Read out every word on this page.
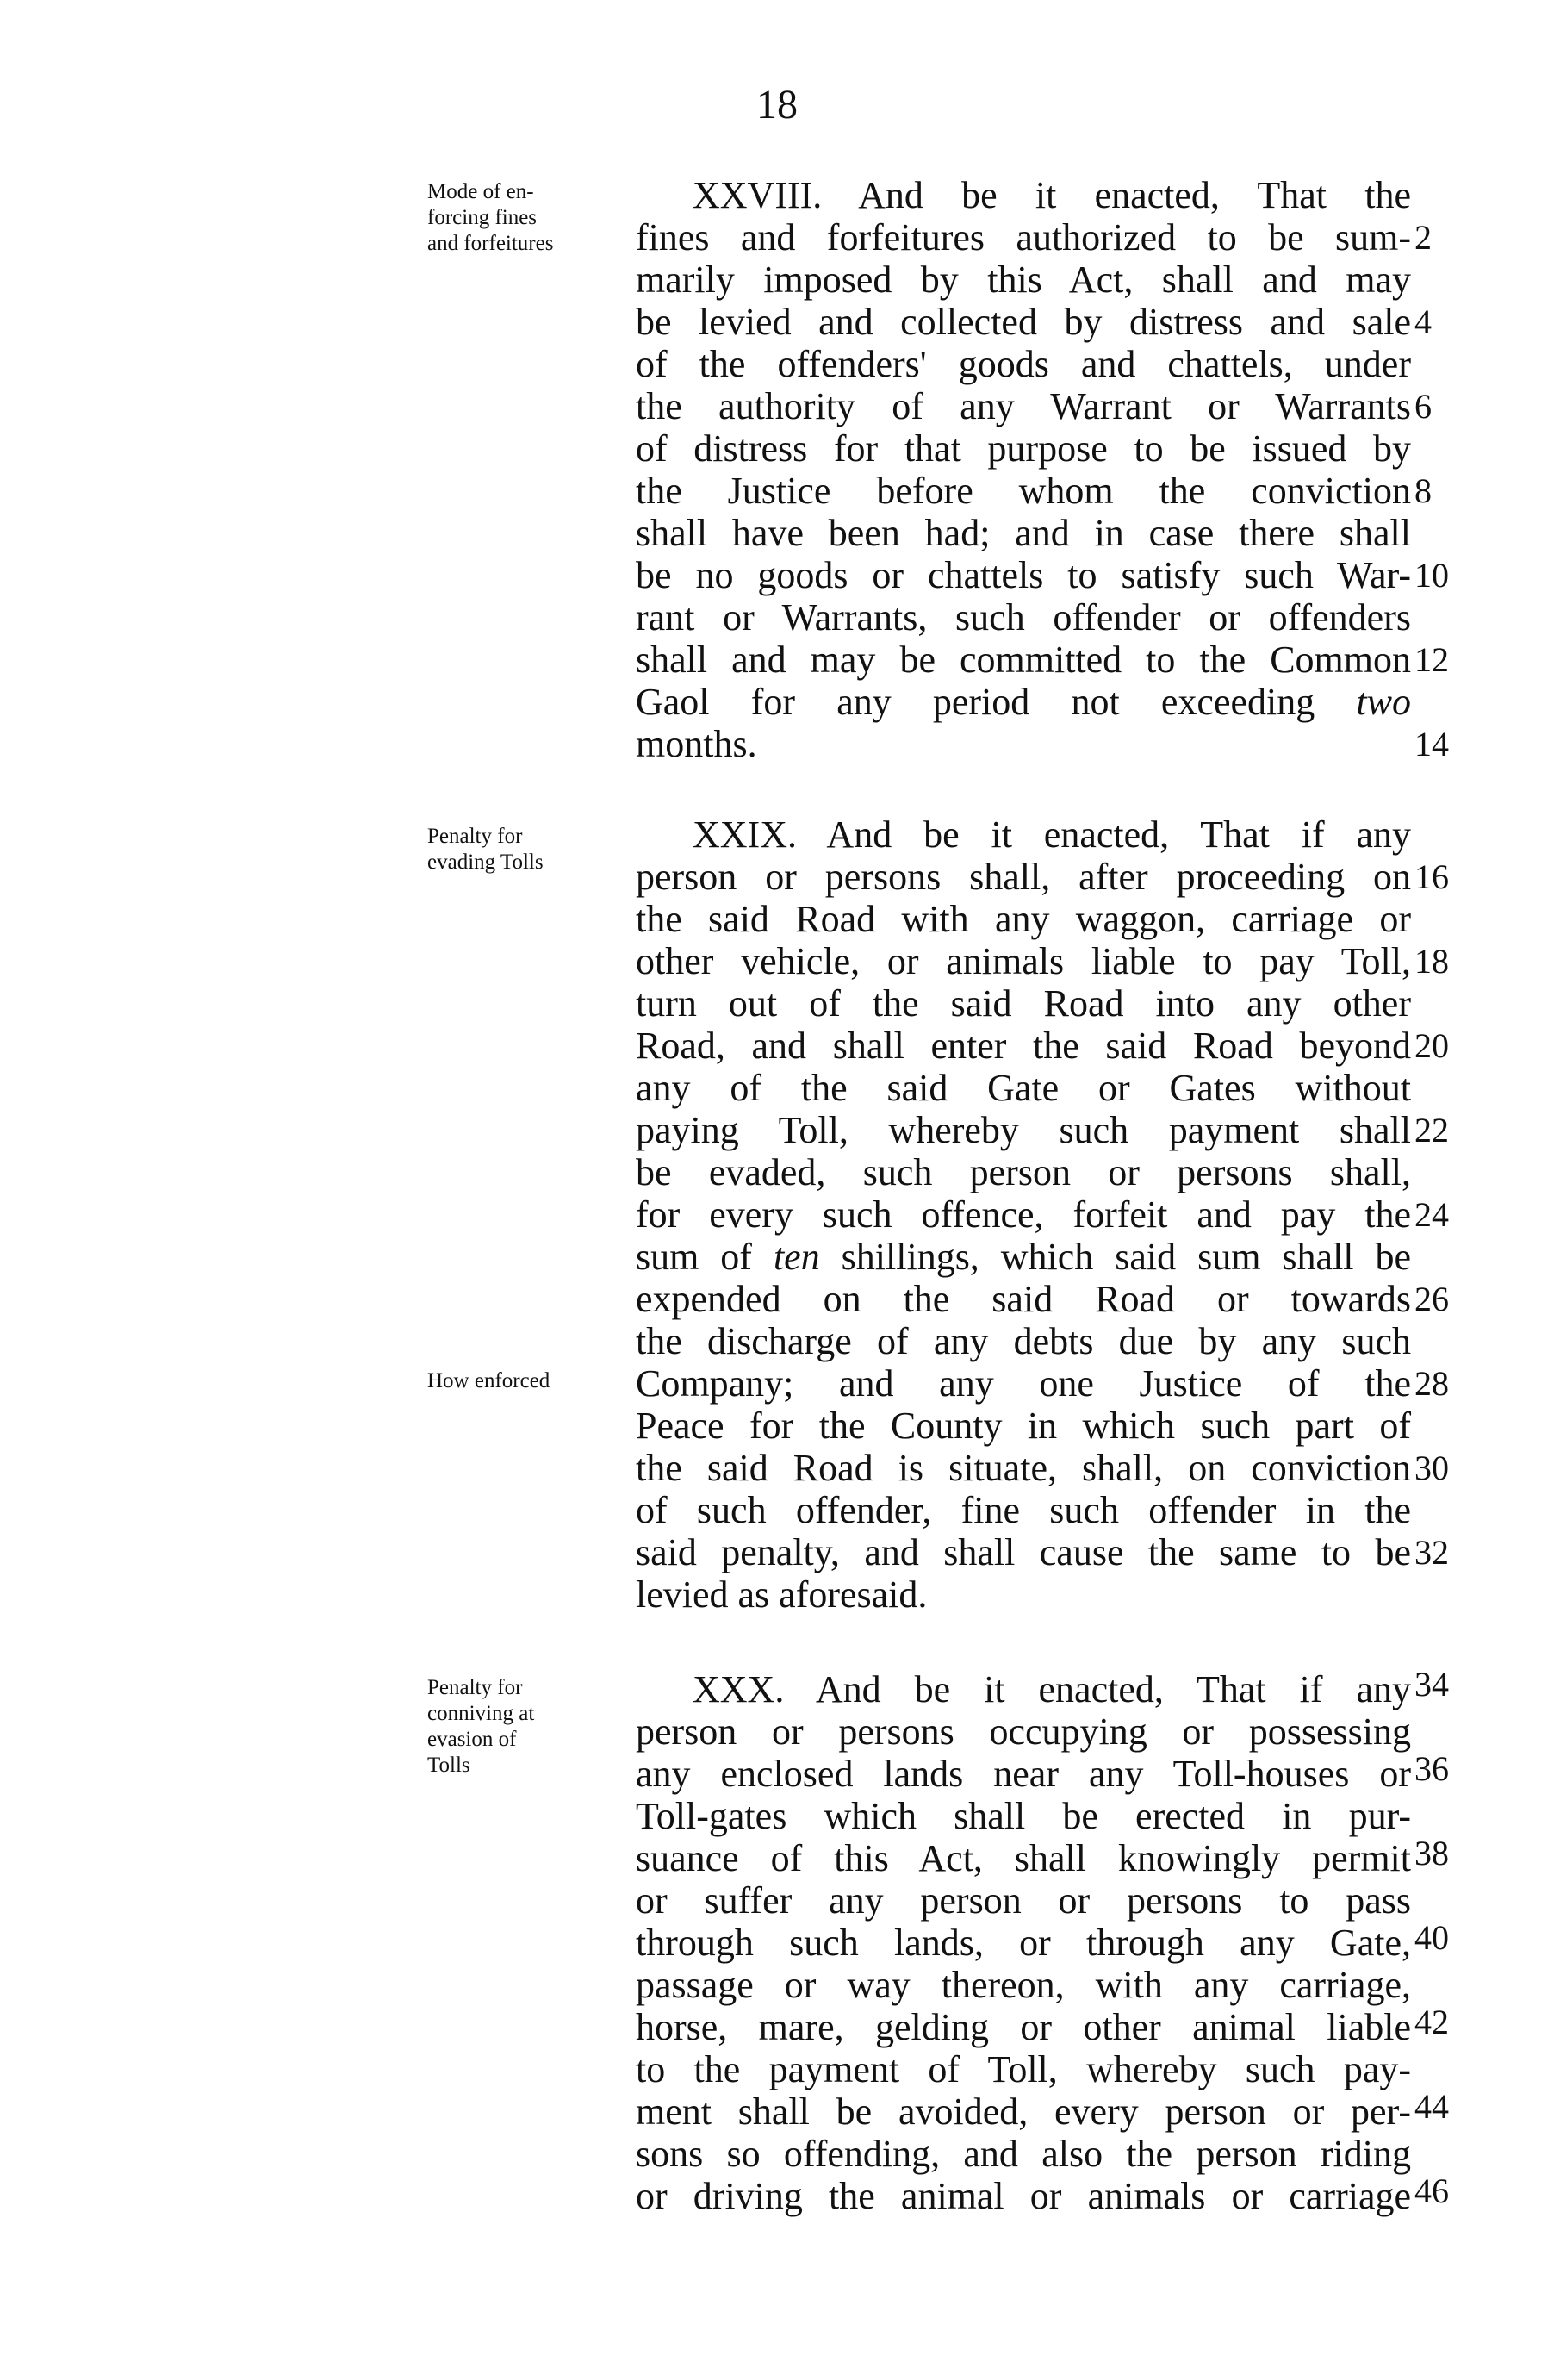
18
Mode of en-
forcing fines
and forfeitures
XXVIII. And be it enacted, That the
fines and forfeitures authorized to be sum-
marily imposed by this Act, shall and may
be levied and collected by distress and sale
of the offenders' goods and chattels, under
the authority of any Warrant or Warrants
of distress for that purpose to be issued by
the Justice before whom the conviction
shall have been had; and in case there shall
be no goods or chattels to satisfy such War-
rant or Warrants, such offender or offenders
shall and may be committed to the Common
Gaol for any period not exceeding two
months.
2
4
6
8
10
12
14
Penalty for
evading Tolls
How enforced
XXIX. And be it enacted, That if any
person or persons shall, after proceeding on
the said Road with any waggon, carriage or
other vehicle, or animals liable to pay Toll,
turn out of the said Road into any other
Road, and shall enter the said Road beyond
any of the said Gate or Gates without
paying Toll, whereby such payment shall
be evaded, such person or persons shall,
for every such offence, forfeit and pay the
sum of ten shillings, which said sum shall be
expended on the said Road or towards
the discharge of any debts due by any such
Company; and any one Justice of the
Peace for the County in which such part of
the said Road is situate, shall, on conviction
of such offender, fine such offender in the
said penalty, and shall cause the same to be
levied as aforesaid.
16
18
20
22
24
26
28
30
32
Penalty for
conniving at
evasion of
Tolls
XXX. And be it enacted, That if any
person or persons occupying or possessing
any enclosed lands near any Toll-houses or
Toll-gates which shall be erected in pur-
suance of this Act, shall knowingly permit
or suffer any person or persons to pass
through such lands, or through any Gate,
passage or way thereon, with any carriage,
horse, mare, gelding or other animal liable
to the payment of Toll, whereby such pay-
ment shall be avoided, every person or per-
sons so offending, and also the person riding
or driving the animal or animals or carriage
34
36
38
40
42
44
46
